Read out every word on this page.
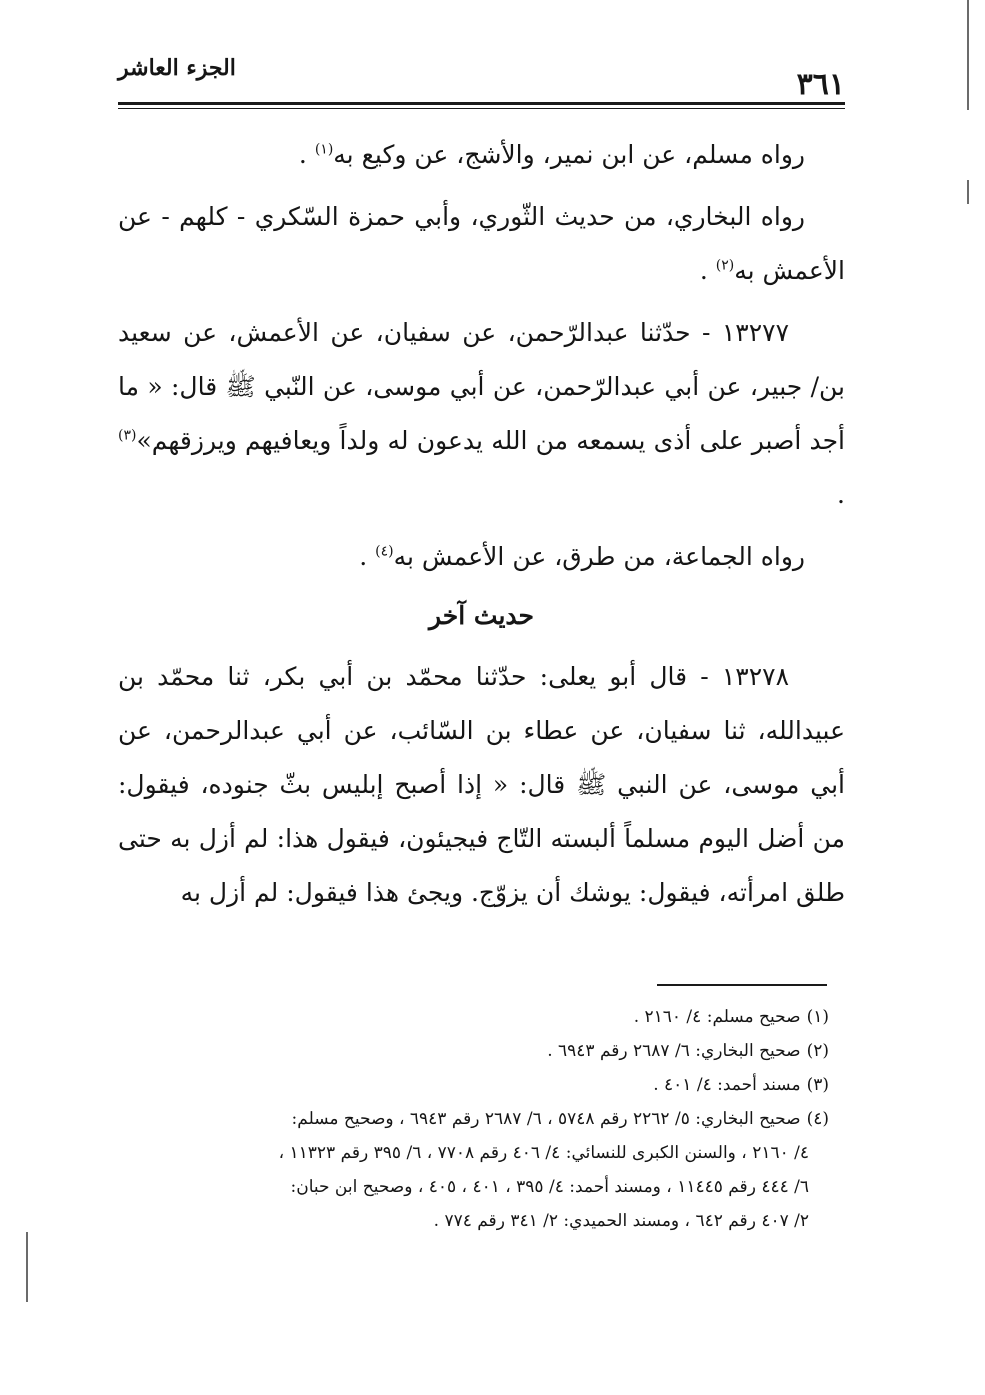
٣٦١
الجزء العاشر

رواه مسلم، عن ابن نمير، والأشج، عن وكيع به$^{(١)}$ .

رواه البخاري، من حديث الثّوري، وأبي حمزة السّكري - كلهم - عن الأعمش به$^{(٢)}$ .

١٣٢٧٧ - حدّثنا عبدالرّحمن، عن سفيان، عن الأعمش، عن سعيد بن/ جبير، عن أبي عبدالرّحمن، عن أبي موسى، عن النّبي ﷺ قال: « ما أجد أصبر على أذى يسمعه من الله يدعون له ولداً ويعافيهم ويرزقهم»$^{(٣)}$ .

رواه الجماعة، من طرق، عن الأعمش به$^{(٤)}$ .

حديث آخر

١٣٢٧٨ - قال أبو يعلى: حدّثنا محمّد بن أبي بكر، ثنا محمّد بن عبيدالله، ثنا سفيان، عن عطاء بن السّائب، عن أبي عبدالرحمن، عن أبي موسى، عن النبي ﷺ قال: « إذا أصبح إبليس بثّ جنوده، فيقول: من أضل اليوم مسلماً ألبسته التّاج فيجيئون، فيقول هذا: لم أزل به حتى طلق امرأته، فيقول: يوشك أن يزوّج. ويجئ هذا فيقول: لم أزل به

(١)صحيح مسلم: ٤/ ٢١٦٠ .

(٢)صحيح البخاري: ٦/ ٢٦٨٧ رقم ٦٩٤٣ .

(٣)مسند أحمد: ٤/ ٤٠١ .

(٤)صحيح البخاري: ٥/ ٢٢٦٢ رقم ٥٧٤٨ ، ٦/ ٢٦٨٧ رقم ٦٩٤٣ ، وصحيح مسلم:

٤/ ٢١٦٠ ، والسنن الكبرى للنسائي: ٤/ ٤٠٦ رقم ٧٧٠٨ ، ٦/ ٣٩٥ رقم ١١٣٢٣ ،

٦/ ٤٤٤ رقم ١١٤٤٥ ، ومسند أحمد: ٤/ ٣٩٥ ، ٤٠١ ، ٤٠٥ ، وصحيح ابن حبان:

٢/ ٤٠٧ رقم ٦٤٢ ، ومسند الحميدي: ٢/ ٣٤١ رقم ٧٧٤ .
